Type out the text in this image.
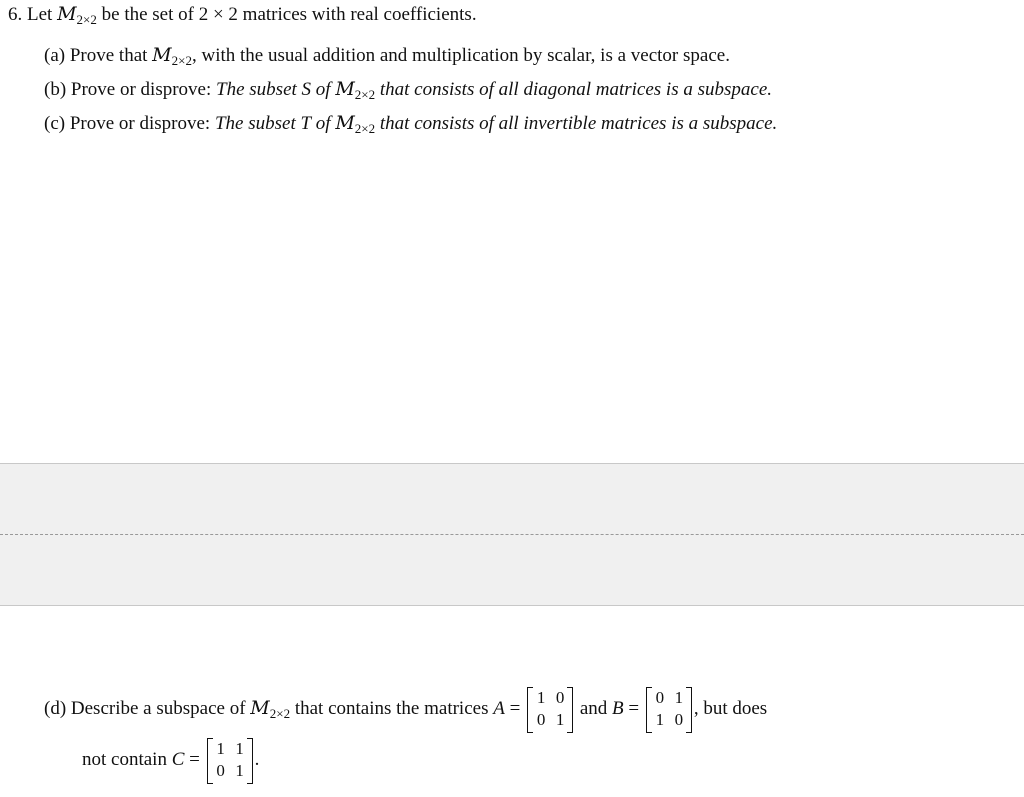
6. Let $M_{2\times 2}$ be the set of 2 × 2 matrices with real coefficients.
(a) Prove that $M_{2\times 2}$, with the usual addition and multiplication by scalar, is a vector space.
(b) Prove or disprove: The subset S of $M_{2\times 2}$ that consists of all diagonal matrices is a subspace.
(c) Prove or disprove: The subset T of $M_{2\times 2}$ that consists of all invertible matrices is a subspace.
(d) Describe a subspace of $M_{2\times 2}$ that contains the matrices A =
1 0
0 1
and B =
0 1
1 0
, but does
not contain C =
1 1
0 1
.
